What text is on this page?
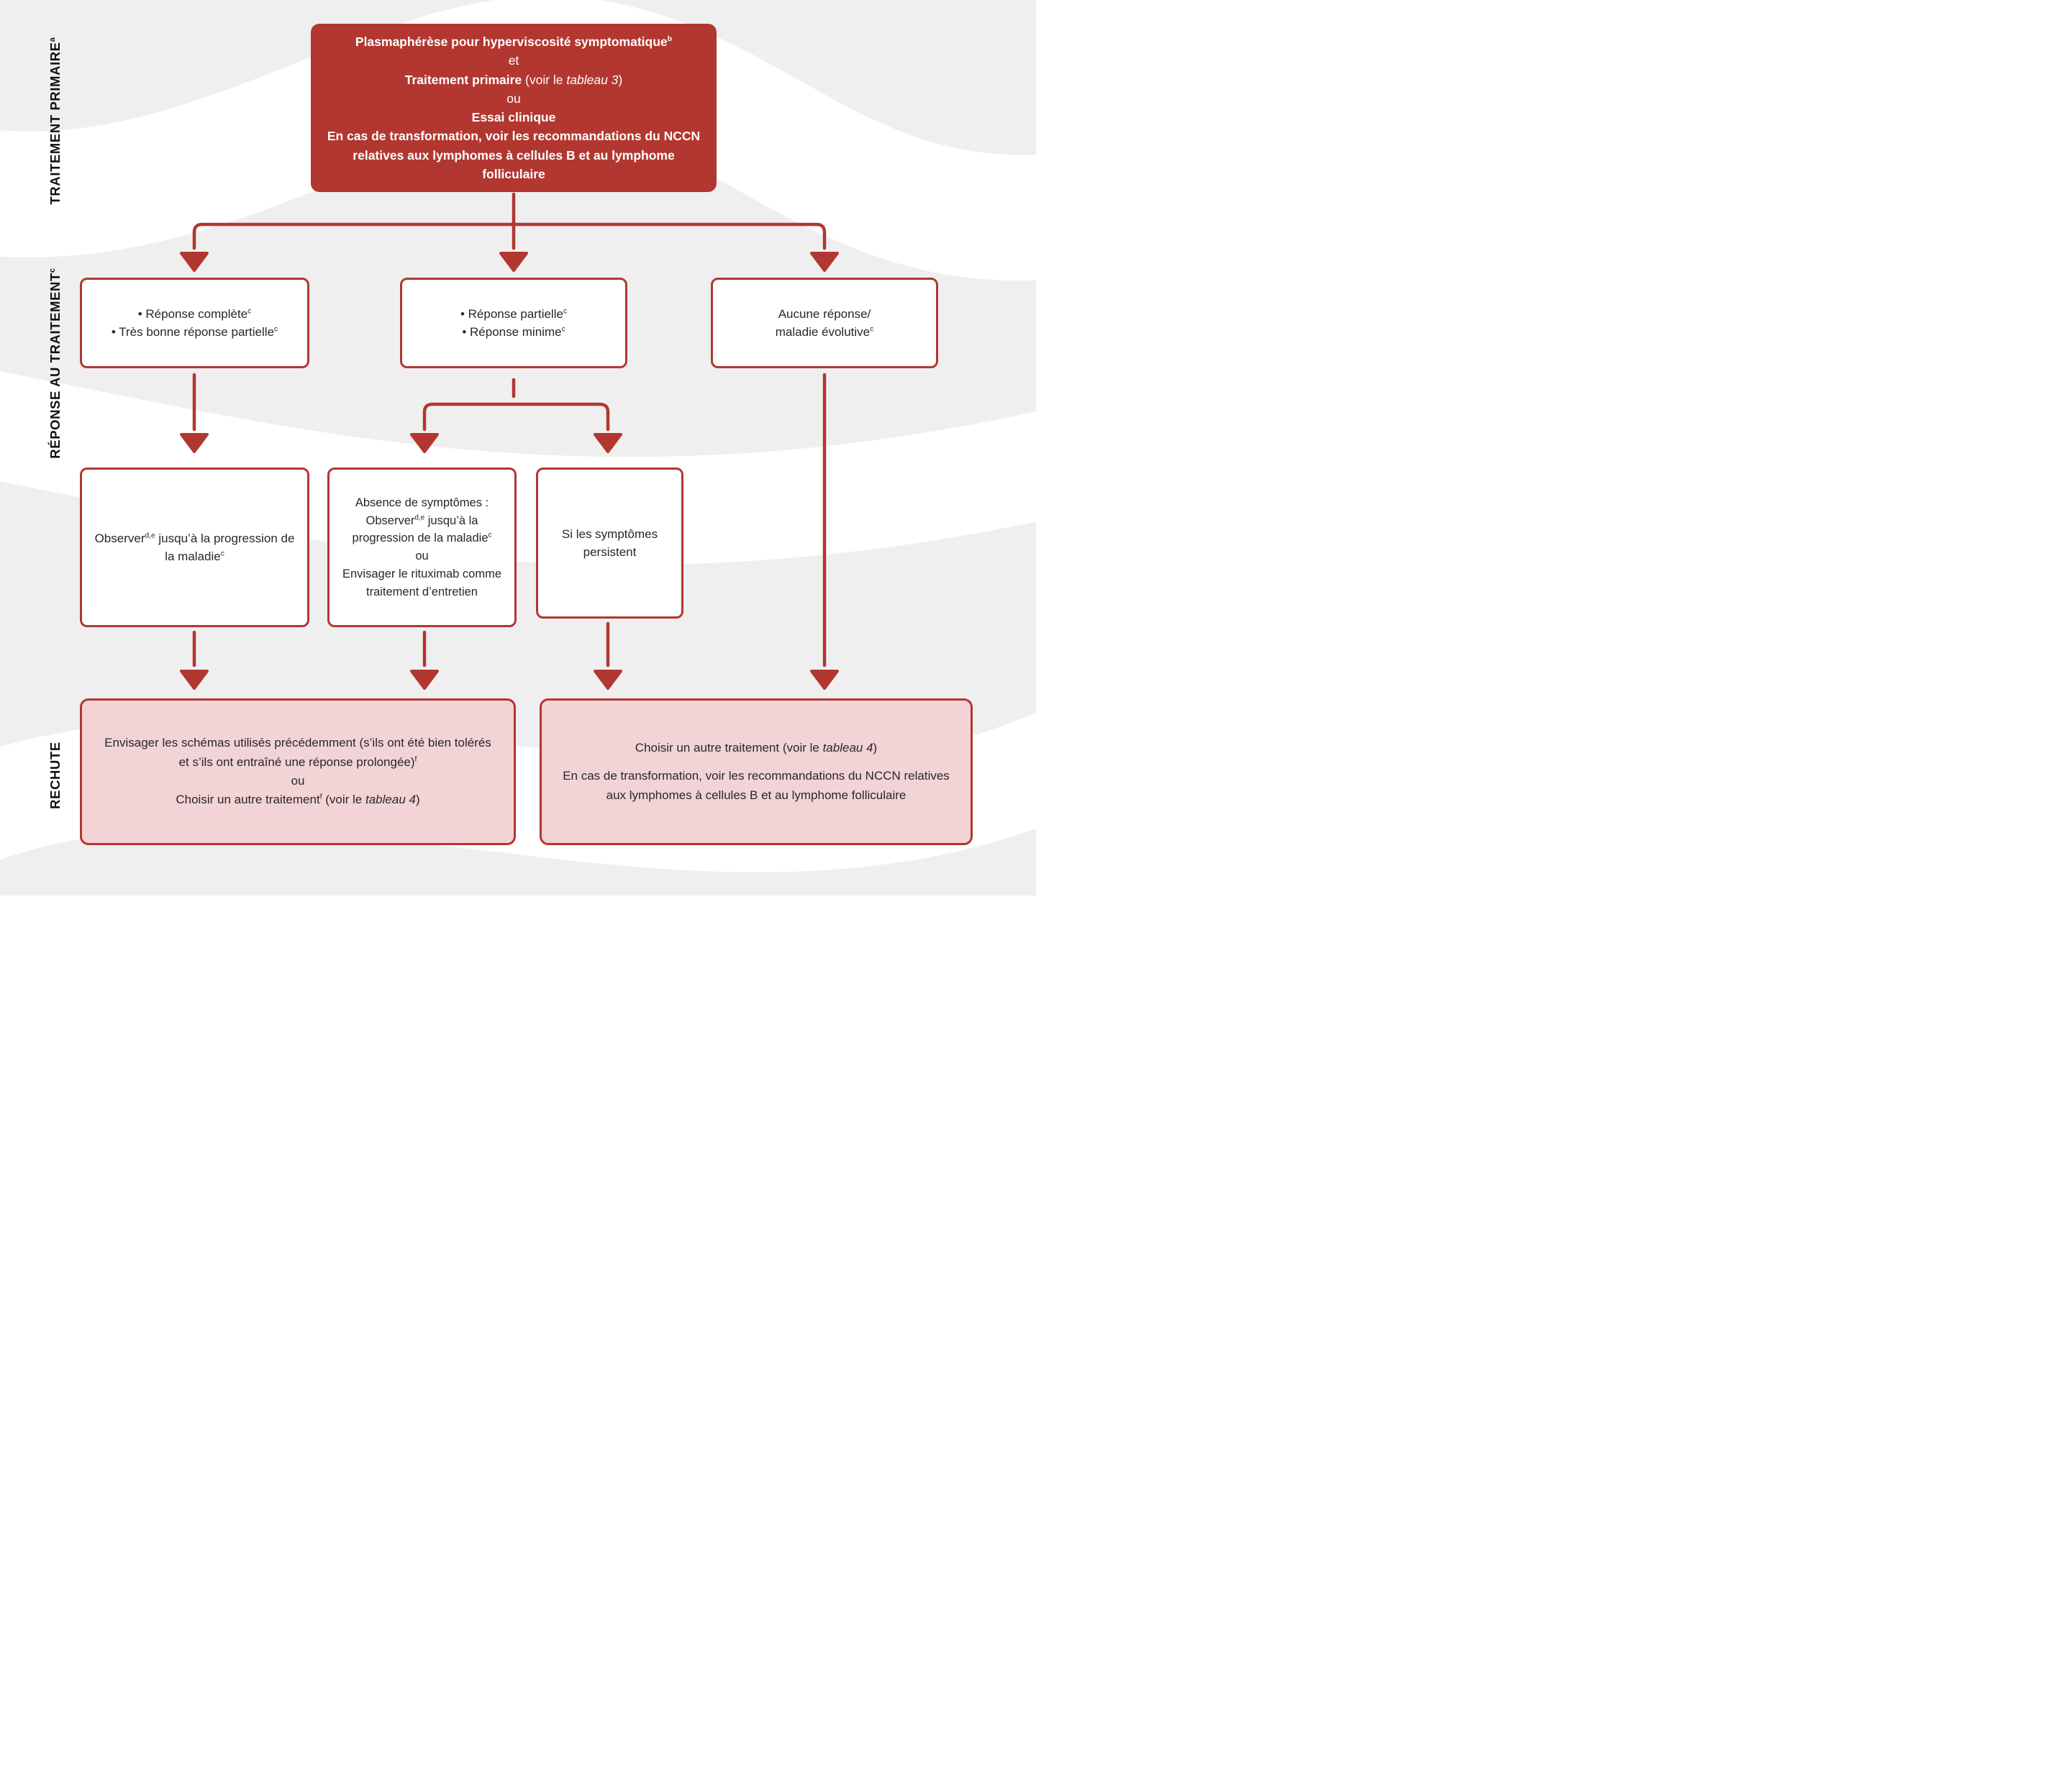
TRAITEMENT PRIMAIRE$^a$
RÉPONSE AU TRAITEMENT$^c$
RECHUTE
Plasmaphérèse pour hyperviscosité symptomatique$^b$
et
Traitement primaire (voir le tableau 3)
ou
Essai clinique
En cas de transformation, voir les recommandations du NCCN relatives aux lymphomes à cellules B et au lymphome folliculaire
• Réponse complète$^c$
• Très bonne réponse partielle$^c$
• Réponse partielle$^c$
• Réponse minime$^c$
Aucune réponse/
maladie évolutive$^c$
Observer$^{d,e}$ jusqu’à la progression de la maladie$^c$
Absence de symptômes :
Observer$^{d,e}$ jusqu’à la progression de la maladie$^c$
ou
Envisager le rituximab comme traitement d’entretien
Si les symptômes persistent
Envisager les schémas utilisés précédemment (s’ils ont été bien tolérés et s’ils ont entraîné une réponse prolongée)$^f$
ou
Choisir un autre traitement$^f$ (voir le tableau 4)
Choisir un autre traitement (voir le tableau 4)
En cas de transformation, voir les recommandations du NCCN relatives aux lymphomes à cellules B et au lymphome folliculaire
